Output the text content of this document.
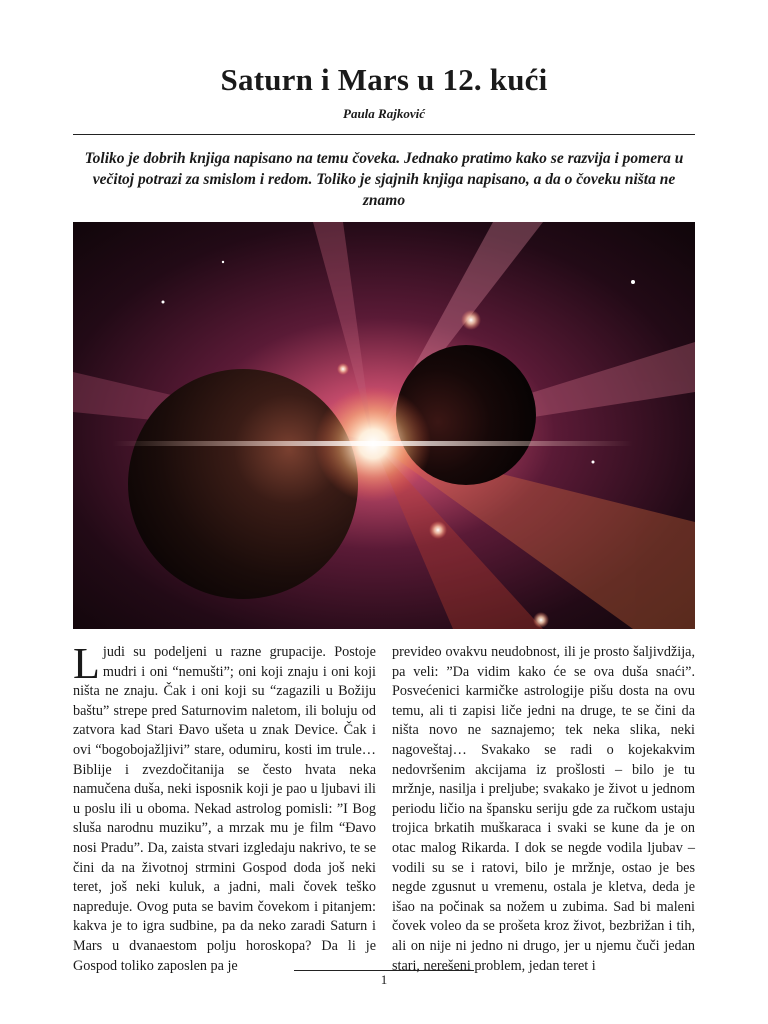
Saturn i Mars u 12. kući

Paula Rajković

Toliko je dobrih knjiga napisano na temu čoveka. Jednako pratimo kako se razvija i pomera u večitoj potrazi za smislom i redom. Toliko je sjajnih knjiga napisano, a da o čoveku ništa ne znamo

Ljudi su podeljeni u razne grupacije. Postoje mudri i oni “nemušti”; oni koji znaju i oni koji ništa ne znaju. Čak i oni koji su “zagazili u Božiju baštu” strepe pred Saturnovim naletom, ili boluju od zatvora kad Stari Đavo ušeta u znak Device. Čak i ovi “bogobojažljivi” stare, odumiru, kosti im trule… Biblije i zvezdočitanija se često hvata neka namučena duša, neki isposnik koji je pao u ljubavi ili u poslu ili u oboma. Nekad astrolog pomisli: ”I Bog sluša narodnu muziku”, a mrzak mu je film “Đavo nosi Pradu”. Da, zaista stvari izgledaju nakrivo, te se čini da na životnoj strmini Gospod doda još neki teret, još neki kuluk, a jadni, mali čovek teško napreduje. Ovog puta se bavim čovekom i pitanjem: kakva je to igra sudbine, pa da neko zaradi Saturn i Mars u dvanaestom polju horoskopa? Da li je Gospod toliko zaposlen pa je
prevideo ovakvu neudobnost, ili je prosto šaljivdžija, pa veli: ”Da vidim kako će se ova duša snaći”. Posvećenici karmičke astrologije pišu dosta na ovu temu, ali ti zapisi liče jedni na druge, te se čini da ništa novo ne saznajemo; tek neka slika, neki nagoveštaj… Svakako se radi o kojekakvim nedovršenim akcijama iz prošlosti – bilo je tu mržnje, nasilja i preljube; svakako je život u jednom periodu ličio na špansku seriju gde za ručkom ustaju trojica brkatih muškaraca i svaki se kune da je on otac malog Rikarda. I dok se negde vodila ljubav – vodili su se i ratovi, bilo je mržnje, ostao je bes negde zgusnut u vremenu, ostala je kletva, deda je išao na počinak sa nožem u zubima. Sad bi maleni čovek voleo da se prošeta kroz život, bezbrižan i tih, ali on nije ni jedno ni drugo, jer u njemu čuči jedan stari, nerešeni problem, jedan teret i

1
